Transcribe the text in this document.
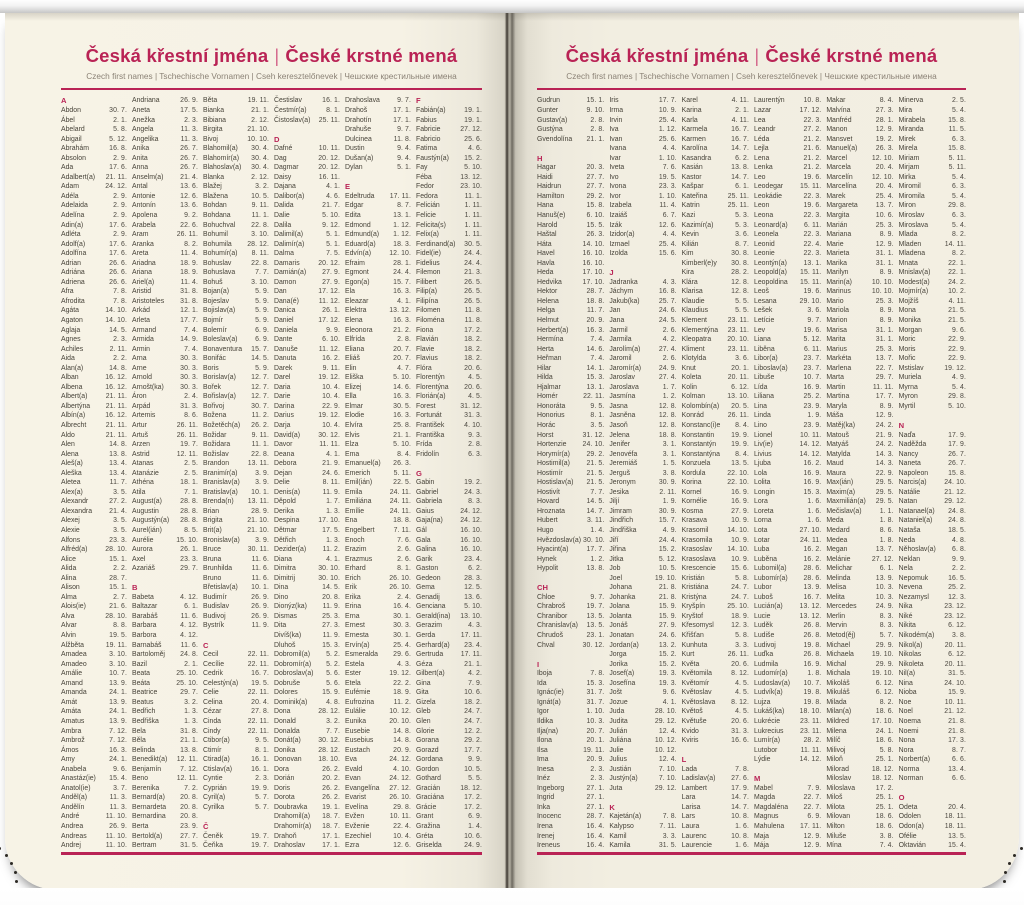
Česká křestní jména | České krstné mená
Czech first names | Tschechische Vornamen | Cseh keresztelőnevek | Чешские крестильные имена
A
Abdon	30. 7.
Ábel	2. 1.
Abelard	5. 8.
Abigail	5. 12.
Abrahám	16. 8.
Absolon	2. 9.
Ada	17. 6.
Adalbert(a) 21. 11.
Adam	24. 12.
Adéla	2. 9.
Adelaida	2. 9.
Adelína	2. 9.
Adin(a)	17. 6.
Adléta	2. 9.
Adolf(a)	17. 6.
Adolfína	17. 6.
Adrian	26. 6.
Adriána	26. 6.
Adriena	26. 6.
Afra	7. 8.
Afrodita	7. 8.
Agáta	14. 10.
Agaton	14. 10.
Aglaja	14. 5.
Agnes	2. 3.
Achiles	2. 11.
Aida	2. 2.
Alan(a)	14. 8.
Alban	16. 12.
Albena	16. 12.
Albert(a)	21. 11.
Albertýna 21. 11.
Albín(a)	16. 12.
Albrecht	21. 11.
Aldo	21. 11.
Alen	14. 8.
Alena	13. 8.
Aleš(a)	13. 4.
Aleška	13. 4.
Aletea	11. 7.
Alex(a)	3. 5.
Alexandr	27. 2.
Alexandra 21. 4.
Alexej	3. 5.
Alexie	3. 5.
Alfons	23. 3.
Alfréd(a)	28. 10.
Alice	15. 1.
Alida	2. 2.
Alina	28. 7.
Alison	15. 1.
Alma	2. 7.
Alois(ie)	21. 6.
Alva	28. 10.
Alvar	8. 8.
Alvin	19. 5.
Alžběta	19. 11.
Amadea	3. 10.
Amadeo	3. 10.
Amálie	10. 7.
Amand	13. 9.
Amanda	24. 1.
Amát	13. 9.
Amáta	24. 1.
Amatus	13. 9.
Ambra	7. 12.
Ambrož	7. 12.
Ámos	16. 3.
Amy	24. 1.
Anabela	9. 6.
Anastáz(ie) 15. 4.
Anatol(ie)	3. 7.
Anděl(a)	11. 3.
Andělín	11. 3.
André	11. 10.
Andrea	26. 9.
Andreas	11. 10.
Andrej	11. 10.
Andriana	26. 9.
Aneta	17. 5.
Anežka	2. 3.
Angela	11. 3.
Angelika	11. 3.
Anika	26. 7.
Anita	26. 7.
Anna	26. 7.
Anselm(a) 21. 4.
Antal	13. 6.
Antonie	12. 6.
Antonín	13. 6.
Apolena	9. 2.
Arabela	22. 6.
Aram	26. 11.
Aranka	8. 2.
Areta	11. 4.
Ariadna	18. 9.
Ariana	18. 9.
Ariel(a)	11. 4.
Aristid	31. 8.
Aristoteles 31. 8.
Arkád	12. 1.
Arleta	17. 7.
Armand	7. 4.
Armida	14. 9.
Armin	7. 4.
Arna	30. 3.
Arne	30. 3.
Arnold	30. 3.
Arnošt(ka) 30. 3.
Áron	2. 4.
Arpád	31. 3.
Artemis	8. 6.
Artur	26. 11.
Artuš	26. 11.
Arzen	19. 7.
Astrid	12. 11.
Atanas	2. 5.
Atanázie	2. 5.
Athéna	18. 1.
Atila	7. 1.
August(a)	28. 8.
Augustin	28. 8.
Augustýn(a) 28. 8.
Aurel(ián)	8. 5.
Aurélie	15. 10.
Aurora	26. 1.
Axel	23. 3.
Azariáš	29. 7.
B
Babeta	4. 12.
Baltazar	6. 1.
Barabáš	11. 6.
Barbara	4. 12.
Barbora	4. 12.
Barnabáš	11. 6.
Bartoloměj 24. 8.
Bazil	2. 1.
Beata	25. 10.
Beáta	25. 10.
Beatrice	29. 7.
Beatus	3. 2.
Bedřich	1. 3.
Bedřiška	1. 3.
Bela	31. 8.
Běla	21. 1.
Belinda	13. 8.
Benedikt(a) 12. 11.
Benjamín	7. 12.
Beno	12. 11.
Berenika	7. 2.
Bernard(a) 20. 8.
Bernardeta 20. 8.
Bernardina 20. 8.
Berta	23. 9.
Bertold(a)	27. 7.
Bertram	31. 5.
Běta	19. 11.
Bianka	21. 1.
Bibiana	2. 12.
Birgita	21. 10.
Bivoj	10. 10.
Blahomil(a) 30. 4.
Blahomír(a) 30. 4.
Blahoslav(a) 30. 4.
Blanka	2. 12.
Blažej	3. 2.
Blažena	10. 5.
Bohdan	9. 11.
Bohdana	11. 1.
Bohuchval 22. 8.
Bohumil	3. 10.
Bohumila 28. 12.
Bohumír(a) 8. 11.
Bohuslav	22. 8.
Bohuslava	7. 7.
Bohuš	3. 10.
Bojan(a)	5. 9.
Bojeslav	5. 9.
Bojislav(a)	5. 9.
Bojmír	5. 9.
Bolemír	6. 9.
Boleslav(a)	6. 9.
Bonaventura 15. 7.
Bonifác	14. 5.
Boris	5. 9.
Borislav(a) 12. 7.
Bořek	12. 7.
Bořislav(a) 12. 7.
Bořivoj	30. 7.
Božena	11. 2.
Božetěch(a) 26. 2.
Božidar	9. 11.
Božidara	11. 1.
Božislav	22. 8.
Brandon	13. 11.
Branimír(a)	3. 9.
Branislav(a) 3. 9.
Bratislav(a) 10. 1.
Brenda(n) 13. 11.
Brian	28. 9.
Brigita	21. 10.
Brit(a)	21. 10.
Bronislav(a) 3. 9.
Bruce	30. 11.
Bruna	11. 6.
Brunhilda	11. 6.
Bruno	11. 6.
Břetislav(a) 10. 1.
Budimír	26. 9.
Budislav	26. 9.
Budivoj	26. 9.
Bystrík	11. 9.
C
Cecil	22. 11.
Cecílie	22. 11.
Cedrik	16. 7.
Celestýn(a) 19. 5.
Celie	22. 11.
Celina	20. 4.
Cézar	27. 8.
Cinda	22. 11.
Cindy	22. 11.
Ctibor(a)	9. 5.
Ctimír	8. 1.
Ctirad(a)	16. 1.
Ctislav(a)	16. 1.
Cyntie	2. 3.
Cyprián	19. 9.
Cyril(a)	5. 7.
Cyrilka	5. 7.
Č
Čeněk	19. 7.
Čeňka	19. 7.
Čestislav	16. 1.
Čestmír(a)	8. 1.
Čistoslav(a) 25. 11.
D
Dafné	10. 11.
Dag	20. 12.
Dagmar	20. 12.
Daisy	16. 11.
Dajana	4. 1.
Dalibor(a)	4. 6.
Dalida	21. 7.
Dalie	5. 10.
Dalila	9. 12.
Dalimil(a)	5. 1.
Dalimír(a)	5. 1.
Dalma	7. 5.
Damaris	20. 12.
Damián(a) 27. 9.
Damon	27. 9.
Dan	17. 12.
Dana(é)	11. 12.
Danica	26. 1.
Daniel	17. 12.
Daniela	9. 9.
Dante	6. 10.
Danuše	11. 12.
Danuta	16. 2.
Darek	9. 11.
Darel	19. 12.
Daria	10. 4.
Darie	10. 4.
Darina	22. 9.
Darius	19. 12.
Darja	10. 4.
David(a)	30. 12.
Davor	11. 11.
Deana	4. 1.
Debora	21. 9.
Dejan	24. 6.
Delie	8. 11.
Denis(a)	11. 9.
Děpold	1. 7.
Derika	1. 3.
Despina	17. 10.
Dětmar	17. 5.
Dětřich	1. 3.
Dezider(a) 11. 2.
Diana	4. 1.
Dimitra	30. 10.
Dimitrij	30. 10.
Dina	14. 5.
Dino	20. 8.
Dionýz(ka) 11. 9.
Dismas	25. 3.
Dita	27. 3.
Divíš(ka)	11. 9.
Dluhoš	15. 3.
Dobromil(a) 5. 2.
Dobromír(a) 5. 2.
Dobroslav(a) 5. 6.
Dobruše	5. 6.
Dolores	15. 9.
Dominik(a)	4. 8.
Dona	28. 12.
Donald	3. 2.
Donalda	7. 7.
Donát(a)	30. 12.
Donika	28. 12.
Donovan 18. 10.
Dora	26. 2.
Dorián	20. 2.
Doris	26. 2.
Dorota	26. 2.
Doubravka 19. 1.
Drahomil(a) 18. 7.
Drahomír(a) 18. 7.
Drahoň	17. 1.
Drahoslav 17. 1.
Drahoslava 9. 7.
Drahoš	17. 1.
Drahotín	17. 1.
Drahuše	9. 7.
Dulcinea	11. 8.
Dustin	9. 4.
Dušan(a)	9. 4.
Dylan	5. 1.
E
Edeltruda 17. 11.
Edgar	8. 7.
Edita	13. 1.
Edmond	1. 12.
Edmund(a) 1. 12.
Eduard(a)	18. 3.
Edvín(a)	12. 10.
Efraim	28. 1.
Egmont	24. 4.
Egon(a)	15. 7.
Ela	16. 3.
Eleazar	4. 1.
Elektra	13. 12.
Elena	16. 3.
Eleonora	21. 2.
Elfrída	2. 8.
Eliana	20. 7.
Eliáš	20. 7.
Elin	4. 7.
Eliška	5. 10.
Elizej	14. 6.
Ella	16. 3.
Elmar	30. 5.
Elodie	16. 3.
Elvíra	25. 8.
Elvis	21. 1.
Elza	5. 10.
Ema	8. 4.
Emanuel(a) 26. 3.
Emerich	5. 11.
Emil(ián)	22. 5.
Emila	24. 11.
Emiliána	24. 11.
Emílie	24. 11.
Ena	18. 8.
Engelbert	7. 11.
Enoch	7. 6.
Erazim	2. 6.
Erazmus	2. 6.
Erhard	8. 1.
Erich	26. 10.
Erik	26. 10.
Erika	2. 4.
Erina	16. 4.
Erna	30. 1.
Ernest	30. 3.
Ernesta	30. 1.
Ervín(a)	25. 4.
Esmeralda 29. 6.
Estela	4. 3.
Ester	19. 12.
Etela	22. 2.
Eufémie	18. 9.
Eufrozina	11. 2.
Eulálie	10. 12.
Eunika	20. 10.
Eusebie	14. 8.
Eusebius	14. 8.
Eustach	20. 9.
Eva	24. 12.
Evald	4. 10.
Evan	24. 12.
Evangelína 27. 12.
Evarist	26. 10.
Evelína	29. 8.
Evžen	10. 11.
Evženie	22. 4.
Ezechiel	10. 4.
Ezra	12. 6.
F
Fabián(a)	19. 1.
Fabius	19. 1.
Fabricie	27. 12.
Fabricio	25. 6.
Fatima	4. 6.
Faustýn(a) 15. 2.
Fay	5. 10.
Féba	13. 12.
Fedor	23. 10.
Fedora	11. 1.
Felicián	1. 11.
Felicie	1. 11.
Felicita(s)	1. 11.
Felix(a)	1. 11.
Ferdinand(a) 30. 5.
Fidel(ie)	24. 4.
Fidelius	24. 4.
Filemon	21. 3.
Filibert	26. 5.
Filip(a)	26. 5.
Filipína	26. 5.
Filomen	11. 8.
Filoména	11. 8.
Fiona	17. 2.
Flavián	18. 2.
Flavie	18. 2.
Flavius	18. 2.
Flóra	20. 6.
Florentýn	4. 5.
Florentýna 20. 6.
Florián(a)	4. 5.
Forest	31. 12.
Fortunát	31. 3.
František	4. 10.
Františka	9. 3.
Frída	2. 8.
Fridolín	6. 3.
G
Gabin	19. 2.
Gabriel	24. 3.
Gabriela	8. 3.
Gaius	24. 12.
Gaja(na)	24. 12.
Gál	16. 10.
Gala	16. 10.
Galina	16. 10.
Garik	23. 4.
Gaston	6. 2.
Gedeon	28. 3.
Gema	12. 5.
Genadij	13. 6.
Genciana	5. 10.
Gerald(ina) 13. 10.
Gerazim	4. 3.
Gerda	17. 11.
Gerhard(a) 23. 4.
Gertruda	17. 11.
Géza	21. 1.
Gilbert(a)	4. 2.
Gina	7. 9.
Gita	10. 6.
Gizela	18. 2.
Gleb	24. 7.
Glen	24. 7.
Glorie	12. 2.
Gorana	29. 2.
Gorazd	17. 7.
Gordana	9. 9.
Gordon	10. 5.
Gothard	5. 5.
Gracián	18. 12.
Graciána	17. 2.
Grácie	17. 2.
Grant	6. 9.
Gražina	1. 4.
Gréta	10. 6.
Griselda	24. 9.
Česká křestní jména | České krstné mená
Czech first names | Tschechische Vornamen | Cseh keresztelőnevek | Чешские крестильные имена
Gudrun	15. 1.
Gunter	9. 10.
Gustav(a)	2. 8.
Gustýna	2. 8.
Gvendolína 21. 1.
H
Hagar	20. 3.
Haidi	27. 7.
Haidrun	27. 7.
Hamilton	29. 2.
Hana	15. 8.
Hanuš(e)	6. 10.
Harold	15. 5.
Haštal	26. 3.
Háta	14. 10.
Havel	16. 10.
Havla	16. 10.
Heda	17. 10.
Hedvika	17. 10.
Hektor	28. 7.
Helena	18. 8.
Helga	11. 7.
Helmut	20. 9.
Herbert(a)	16. 3.
Hermína	7. 4.
Herta	14. 6.
Heřman	7. 4.
Hilar	14. 1.
Hilda	15. 3.
Hjalmar	13. 1.
Homér	22. 11.
Honoráta	9. 5.
Honorius	8. 1.
Horác	3. 5.
Horst	31. 12.
Hortenzie 24. 10.
Horymír(a) 29. 2.
Hostimil(a) 21. 5.
Hostimír	21. 5.
Hostislav(a) 21. 5.
Hostivít	7. 7.
Hovard	14. 5.
Hroznata	14. 7.
Hubert	3. 11.
Hugo	1. 4.
Hvězdoslav(a) 30. 10.
Hyacint(a)	17. 7.
Hynek	1. 2.
Hypolit	13. 8.
CH
Chloe	9. 7.
Chrabroš	19. 7.
Chranibor	13. 5.
Chranislav(a) 13. 5.
Chrudoš	23. 1.
Chval	30. 12.
I
Iboja	7. 8.
Ida	15. 3.
Ignác(ie)	31. 7.
Ignát(a)	31. 7.
Igor	1. 10.
Ildika	10. 3.
Ilja(na)	20. 7.
Ilona	20. 1.
Ilsa	19. 11.
Ima	20. 9.
Inesa	2. 3.
Inéz	2. 3.
Ingeborg	27. 1.
Ingrid	27. 1.
Inka	27. 1.
Inocenc	28. 7.
Irena	16. 4.
Irenej	16. 4.
Ireneus	16. 4.
Iris	17. 7.
Irma	10. 9.
Irvin	25. 4.
Iva	1. 12.
Ivan	25. 6.
Ivana	4. 4.
Ivar	1. 10.
Iveta	7. 6.
Ivo	19. 5.
Ivona	23. 3.
Ivor	1. 10.
Izabela	11. 4.
Izaiáš	6. 7.
Izák	12. 6.
Izidor(a)	4. 4.
Izmael	25. 4.
Izolda	15. 6.
J
Jadranka	4. 3.
Jáchym	16. 8.
Jakub(ka)	25. 7.
Jan	24. 6.
Jana	24. 5.
Jarmil	2. 6.
Jarmila	4. 2.
Jarolím(a)	27. 4.
Jaromil	2. 6.
Jaromír(a)	24. 9.
Jaroslav	27. 4.
Jaroslava	1. 7.
Jasmína	1. 2.
Jasna	12. 8.
Jasněna	12. 8.
Jasoň	12. 8.
Jelena	18. 8.
Jenifer	3. 1.
Jenovéfa	3. 1.
Jeremiáš	1. 5.
Jerguš	3. 8.
Jeronym	30. 9.
Jesika	2. 11.
Jiljí	1. 9.
Jimram	30. 9.
Jindřich	15. 7.
Jindřiška	4. 9.
Jiří	24. 4.
Jiřina	15. 2.
Jitka	5. 12.
Job	10. 5.
Joel	19. 10.
Johana	21. 8.
Johanka	21. 8.
Jolana	15. 9.
Jolanta	15. 9.
Jonáš	27. 9.
Jonatan	24. 6.
Jordan(a)	13. 2.
Jorga	15. 2.
Jorika	15. 2.
Josef(a)	19. 3.
Josefína	19. 3.
Jošt	9. 6.
Jozue	4. 1.
Juda	28. 10.
Judita	29. 12.
Julián	12. 4.
Juliána	10. 12.
Julie	10. 12.
Julius	12. 4.
Justián	7. 10.
Justýn(a)	7. 10.
Juta	29. 12.
K
Kajetán(a)	7. 8.
Kalypso	7. 11.
Kamil	3. 3.
Kamila	31. 5.
Karel	4. 11.
Karina	2. 1.
Karla	4. 11.
Karmela	16. 7.
Karmen	16. 7.
Karolína	14. 7.
Kasandra	6. 2.
Kasián	13. 8.
Kastor	14. 7.
Kašpar	6. 1.
Kateřina	25. 11.
Katrin	25. 11.
Kazi	5. 3.
Kazimír(a)	5. 3.
Kevin	3. 6.
Kilián	8. 7.
Kim	30. 8.
Kimberl(e)y 30. 8.
Kira	28. 2.
Klára	12. 8.
Klarisa	12. 8.
Klaudie	5. 5.
Klaudius	5. 5.
Klement	23. 11.
Klementýna 23. 11.
Kleopatra 20. 10.
Kliment	23. 11.
Klotylda	3. 6.
Knut	20. 1.
Koleta	20. 11.
Kolin	6. 12.
Kolman	13. 10.
Kolombín(a) 20. 5.
Konrád	26. 11.
Konstanc(i)e 8. 4.
Konstantin 19. 9.
Konstantýn 19. 9.
Konstantýna 8. 4.
Konzuela	13. 5.
Kordula	22. 10.
Korina	22. 10.
Kornel	16. 9.
Kornélie	16. 9.
Kosma	27. 9.
Krasava	10. 9.
Krasomil	14. 10.
Krasomila	10. 9.
Krasoslav 14. 10.
Krasoslava 10. 9.
Krescencie 15. 6.
Kristián	5. 8.
Kristiána	24. 7.
Kristýna	24. 7.
Kryšpín	25. 10.
Kryštof	18. 9.
Křesomysl	12. 3.
Křišťan	5. 8.
Kunhuta	3. 3.
Kurt	26. 11.
Květa	20. 6.
Květomila	8. 12.
Květomír	4. 5.
Květoslav	4. 5.
Květoslava 8. 12.
Květoš	4. 5.
Květuše	20. 6.
Kvido	31. 3.
Kviris	16. 6.
L
Lada	7. 8.
Ladislav(a) 27. 6.
Lambert	17. 9.
Lara	14. 7.
Larisa	14. 7.
Lars	10. 8.
Laura	1. 6.
Laurenc	10. 8.
Laurencie	1. 6.
Laurentýn	10. 8.
Lazar	17. 12.
Lea	22. 3.
Leandr	27. 2.
Léda	21. 2.
Lejla	21. 6.
Lena	21. 2.
Lenka	21. 2.
Leo	19. 6.
Leodegar 15. 11.
Leokádie	22. 3.
Leon	19. 6.
Leona	22. 3.
Leonard(a) 6. 11.
Leonela	22. 3.
Leonid	22. 4.
Leonie	22. 3.
Leontýn(a) 13. 1.
Leopold(a) 15. 11.
Leopoldina 15. 11.
Leoš	19. 6.
Lesana	29. 10.
Lešek	3. 6.
Letície	9. 7.
Lev	19. 6.
Liana	5. 12.
Liběna	6. 11.
Libor(a)	23. 7.
Liboslav(a) 23. 7.
Libuše	10. 7.
Lída	16. 9.
Liliana	25. 2.
Lina	23. 9.
Linda	1. 9.
Lino	23. 9.
Lionel	10. 11.
Liv(ie)	14. 12.
Livius	14. 12.
Ljuba	16. 2.
Lola	16. 9.
Lolita	16. 9.
Longin	15. 3.
Lora	1. 6.
Loreta	1. 6.
Lorna	1. 6.
Lota	27. 10.
Lotar	24. 11.
Luba	16. 2.
Luběna	16. 2.
Lubomil(a) 28. 6.
Lubomír(a) 28. 6.
Lubor	13. 9.
Luboš	16. 7.
Lucián(a) 13. 12.
Lucie	13. 12.
Luděk	26. 8.
Ludiše	26. 8.
Ludivoj	19. 8.
Luďka	26. 8.
Ludmila	16. 9.
Ludomír(a)	1. 8.
Ludoslav(a) 10. 7.
Ludvík(a)	19. 8.
Lujza	19. 8.
Lukáš(ka) 18. 10.
Lukrécie	23. 11.
Lukrecius 23. 11.
Lumír(a)	28. 2.
Lutobor	11. 11.
Lýdie	14. 12.
M
Mabel	7. 9.
Magda	22. 7.
Magdaléna 22. 7.
Magnus	6. 9.
Mahulena 17. 11.
Maja	12. 9.
Mája	12. 9.
Makar	8. 4.
Malvína	27. 3.
Manfréd	28. 1.
Manon	12. 9.
Mansvet	19. 2.
Manuel(a)	26. 3.
Marcel	12. 10.
Marcela	20. 4.
Marcelín	12. 10.
Marcelína	20. 4.
Marek	25. 4.
Margareta	13. 7.
Margita	10. 6.
Marián	25. 3.
Mariana	8. 9.
Marie	12. 9.
Marieta	31. 1.
Marika	31. 1.
Marilyn	8. 9.
Marin(a)	10. 10.
Marinus	10. 10.
Mario	25. 3.
Mariola	8. 9.
Marion	8. 9.
Marisa	31. 1.
Marita	31. 1.
Marius	25. 3.
Markéta	13. 7.
Marlena	22. 7.
Marta	29. 7.
Martin	11. 11.
Martina	17. 7.
Maryla	8. 9.
Máša	12. 9.
Matěj(ka)	24. 2.
Matouš	21. 9.
Matyáš	24. 2.
Matylda	14. 3.
Maud	14. 3.
Maura	22. 9.
Max(ián)	29. 5.
Maxim(a)	29. 5.
Maxmilián(a) 29. 5.
Mečislav(a)	1. 1.
Meda	1. 8.
Medard	8. 6.
Medea	1. 8.
Megan	13. 7.
Melánie	27. 12.
Melichar	6. 1.
Melinda	13. 9.
Melisa	10. 3.
Melita	10. 3.
Mercedes	24. 9.
Merlin	8. 3.
Mervin	8. 3.
Metod(ěj)	5. 7.
Michael	29. 9.
Michaela	19. 10.
Michal	29. 9.
Michala	19. 10.
Mikoláš	6. 12.
Mikuláš	6. 12.
Milada	8. 2.
Milan(a)	18. 6.
Mildred	17. 10.
Milena	24. 1.
Milíč	18. 6.
Milivoj	5. 8.
Miloň	25. 1.
Milorad	18. 12.
Miloslav	18. 12.
Miloslava	17. 2.
Miloš	25. 1.
Milota	25. 1.
Milovan	18. 6.
Milton	18. 6.
Miluše	3. 8.
Mína	7. 4.
Minerva	2. 5.
Mira	5. 4.
Mirabela	15. 8.
Miranda	11. 5.
Mirek	6. 3.
Mirela	15. 8.
Miriam	5. 11.
Mirjam	5. 11.
Mirka	5. 4.
Miromil	6. 3.
Miromila	5. 4.
Miron	29. 8.
Miroslav	6. 3.
Miroslava	5. 4.
Mlada	8. 2.
Mladen	14. 11.
Mladena	8. 2.
Mnata	22. 1.
Mnislav(a)	22. 1.
Modest(a)	24. 2.
Mojmír(a)	10. 2.
Mojžíš	4. 11.
Mona	21. 5.
Monika	21. 5.
Morgan	9. 6.
Moric	22. 9.
Moris	22. 9.
Mořic	22. 9.
Mstislav	19. 12.
Muriela	4. 9.
Myrna	5. 4.
Myron	29. 8.
Myrtil	5. 10.
N
Naďa	17. 9.
Naděžda	17. 9.
Nancy	26. 7.
Naneta	26. 7.
Napoleon	15. 8.
Narcis(a)	24. 10.
Natálie	21. 12.
Natan	29. 12.
Natanael(a) 24. 8.
Nataniel(a) 24. 8.
Nataša	18. 5.
Neda	4. 8.
Něhoslav(a) 6. 8.
Neklan	9. 9.
Nela	2. 2.
Nepomuk	16. 5.
Nevena	25. 2.
Nezamysl	12. 3.
Nika	23. 12.
Niké	23. 12.
Nikita	6. 12.
Nikodém(a)	3. 8.
Nikol(a)	20. 11.
Nikolas	6. 12.
Nikoleta	20. 11.
Nil(a)	31. 5.
Nina	24. 10.
Nioba	15. 9.
Noe	10. 11.
Noel	21. 12.
Noema	21. 8.
Noemi	21. 8.
Nona	17. 3.
Nora	8. 7.
Norbert(a)	6. 6.
Norma	13. 4.
Norman	6. 6.
O
Odeta	20. 4.
Odolen	18. 11.
Odon(a)	18. 11.
Ofélie	13. 5.
Oktavián	15. 4.
